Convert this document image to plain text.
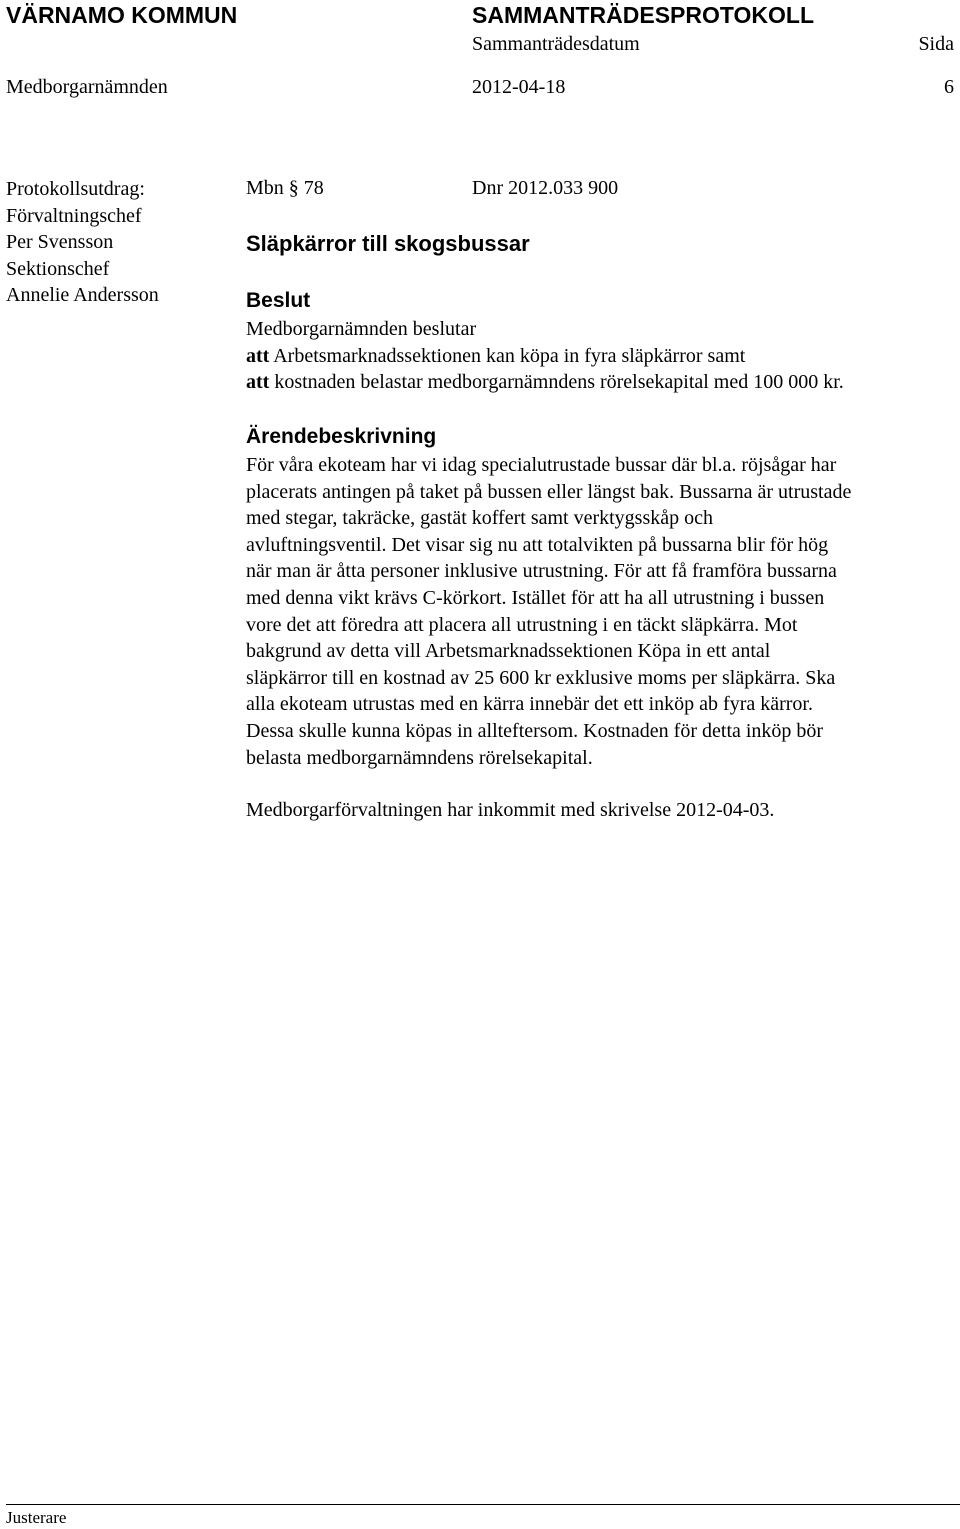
VÄRNAMO KOMMUN	SAMMANTRÄDESPROTOKOLL
Sammanträdesdatum	Sida
Medborgarnämnden	2012-04-18	6
Protokollsutdrag:
Förvaltningschef
Per Svensson
Sektionschef
Annelie Andersson
Mbn § 78	Dnr 2012.033 900
Släpkärror till skogsbussar
Beslut
Medborgarnämnden beslutar
att Arbetsmarknadssektionen kan köpa in fyra släpkärror samt
att kostnaden belastar medborgarnämndens rörelsekapital med 100 000 kr.
Ärendebeskrivning
För våra ekoteam har vi idag specialutrustade bussar där bl.a. röjsågar har
placerats antingen på taket på bussen eller längst bak. Bussarna är utrustade
med stegar, takräcke, gastät koffert samt verktygsskåp och
avluftningsventil. Det visar sig nu att totalvikten på bussarna blir för hög
när man är åtta personer inklusive utrustning. För att få framföra bussarna
med denna vikt krävs C-körkort. Istället för att ha all utrustning i bussen
vore det att föredra att placera all utrustning i en täckt släpkärra. Mot
bakgrund av detta vill Arbetsmarknadssektionen Köpa in ett antal
släpkärror till en kostnad av 25 600 kr exklusive moms per släpkärra. Ska
alla ekoteam utrustas med en kärra innebär det ett inköp ab fyra kärror.
Dessa skulle kunna köpas in allteftersom. Kostnaden för detta inköp bör
belasta medborgarnämndens rörelsekapital.
Medborgarförvaltningen har inkommit med skrivelse 2012-04-03.
Justerare
